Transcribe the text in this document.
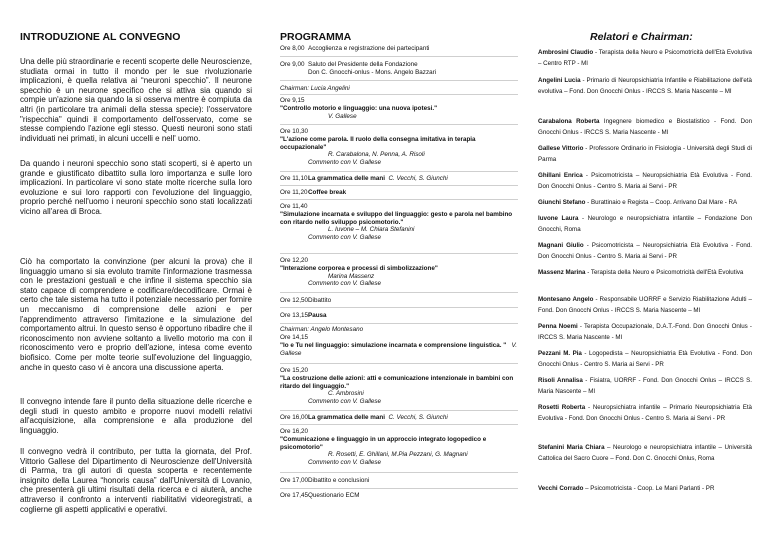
INTRODUZIONE AL CONVEGNO

Una delle più straordinarie e recenti scoperte delle Neuroscienze, studiata ormai in tutto il mondo per le sue rivoluzionarie implicazioni, è quella relativa ai “neuroni specchio”. Il neurone specchio è un neurone specifico che si attiva sia quando si compie un'azione sia quando la si osserva mentre è compiuta da altri (in particolare tra animali della stessa specie): l'osservatore "rispecchia" quindi il comportamento dell'osservato, come se stesse compiendo l'azione egli stesso. Questi neuroni sono stati individuati nei primati, in alcuni uccelli e nell' uomo.

Da quando i neuroni specchio sono stati scoperti, si è aperto un grande e giustificato dibattito sulla loro importanza e sulle loro implicazioni. In particolare vi sono state molte ricerche sulla loro evoluzione e sui loro rapporti con l'evoluzione del linguaggio, proprio perché nell'uomo i neuroni specchio sono stati localizzati vicino all'area di Broca.

Ciò ha comportato la convinzione (per alcuni la prova) che il linguaggio umano si sia evoluto tramite l'informazione trasmessa con le prestazioni gestuali e che infine il sistema specchio sia stato capace di comprendere e codificare/decodificare. Ormai è certo che tale sistema ha tutto il potenziale necessario per fornire un meccanismo di comprensione delle azioni e per l'apprendimento attraverso l'imitazione e la simulazione del comportamento altrui. In questo senso è opportuno ribadire che il riconoscimento non avviene soltanto a livello motorio ma con il riconoscimento vero e proprio dell'azione, intesa come evento biofisico. Come per molte teorie sull'evoluzione del linguaggio, anche in questo caso vi è ancora una discussione aperta.

Il convegno intende fare il punto della situazione delle ricerche e degli studi in questo ambito e proporre nuovi modelli relativi all'acquisizione, alla comprensione e alla produzione del linguaggio.

Il convegno vedrà il contributo, per tutta la giornata, del Prof. Vittorio Gallese del Dipartimento di Neuroscienze dell'Università di Parma, tra gli autori di questa scoperta e recentemente insignito della Laurea “honoris causa” dall'Università di Lovanio, che presenterà gli ultimi risultati della ricerca e ci aiuterà, anche attraverso il confronto a interventi riabilitativi videoregistrati, a coglierne gli aspetti applicativi e operativi.

PROGRAMMA
Ore 8,00 Accoglienza e registrazione dei partecipanti
Ore 9,00 Saluto del Presidente della Fondazione
Don C. Gnocchi-onlus - Mons. Angelo Bazzari
Chairman: Lucia Angelini
Ore 9,15
"Controllo motorio e linguaggio: una nuova ipotesi."
V. Gallese
Ore 10,30
"L'azione come parola. Il ruolo della consegna imitativa in terapia occupazionale"
R. Carabalona, N. Penna, A. Risoli
Commento con V. Gallese
Ore 11,10 La grammatica delle mani C. Vecchi, S. Giunchi
Ore 11,20 Coffee break
Ore 11,40
"Simulazione incarnata e sviluppo del linguaggio: gesto e parola nel bambino con ritardo nello sviluppo psicomotorio."
L. Iuvone – M. Chiara Stefanini
Commento con V. Gallese
Ore 12,20
"Interazione corporea e processi di simbolizzazione"
Marina Massenz
Commento con V. Gallese
Ore 12,50 Dibattito
Ore 13,15 Pausa
Chairman: Angelo Montesano
Ore 14,15
"Io e Tu nel linguaggio: simulazione incarnata e comprensione linguistica. " V. Gallese
Ore 15,20
"La costruzione delle azioni: atti e comunicazione intenzionale in bambini con ritardo del linguaggio."
C. Ambrosini
Commento con V. Gallese
Ore 16,00 La grammatica delle mani C. Vecchi, S. Giunchi
Ore 16,20
"Comunicazione e linguaggio in un approccio integrato logopedico e psicomotorio"
R. Rosetti, E. Ghillani, M.Pia Pezzani, G. Magnani
Commento con V. Gallese
Ore 17,00 Dibattito e conclusioni
Ore 17,45 Questionario ECM
Relatori e Chairman:
Ambrosini Claudio - Terapista della Neuro e Psicomotricità dell'Età Evolutiva – Centro RTP - MI
Angelini Lucia - Primario di Neuropsichiatria Infantile e Riabilitazione dell'età evolutiva – Fond. Don Gnocchi Onlus - IRCCS S. Maria Nascente – MI
Carabalona Roberta Ingegnere biomedico e Biostatistico - Fond. Don Gnocchi Onlus - IRCCS S. Maria Nascente - MI
Gallese Vittorio - Professore Ordinario in Fisiologia - Università degli Studi di Parma
Ghillani Enrica - Psicomotricista – Neuropsichiatria Età Evolutiva - Fond. Don Gnocchi Onlus - Centro S. Maria ai Servi - PR
Giunchi Stefano - Burattinaio e Regista – Coop. Arrivano Dal Mare - RA
Iuvone Laura - Neurologo e neuropsichiatra infantile – Fondazione Don Gnocchi, Roma
Magnani Giulio - Psicomotricista – Neuropsichiatria Età Evolutiva - Fond. Don Gnocchi Onlus - Centro S. Maria ai Servi - PR
Massenz Marina - Terapista della Neuro e Psicomotricità dell'Età Evolutiva
Montesano Angelo - Responsabile UORRF e Servizio Riabilitazione Adulti – Fond. Don Gnocchi Onlus - IRCCS S. Maria Nascente – MI
Penna Noemi - Terapista Occupazionale, D.A.T.-Fond. Don Gnocchi Onlus - IRCCS S. Maria Nascente - MI
Pezzani M. Pia - Logopedista – Neuropsichiatria Età Evolutiva - Fond. Don Gnocchi Onlus - Centro S. Maria ai Servi - PR
Risoli Annalisa - Fisiatra, UORRF - Fond. Don Gnocchi Onlus – IRCCS S. Maria Nascente – MI
Rosetti Roberta - Neuropsichiatra infantile – Primario Neuropsichiatria Età Evolutiva - Fond. Don Gnocchi Onlus - Centro S. Maria ai Servi - PR
Stefanini Maria Chiara – Neurologo e neuropsichiatra infantile – Università Cattolica del Sacro Cuore – Fond. Don C. Gnocchi Onlus, Roma
Vecchi Corrado – Psicomotricista - Coop. Le Mani Parlanti - PR
